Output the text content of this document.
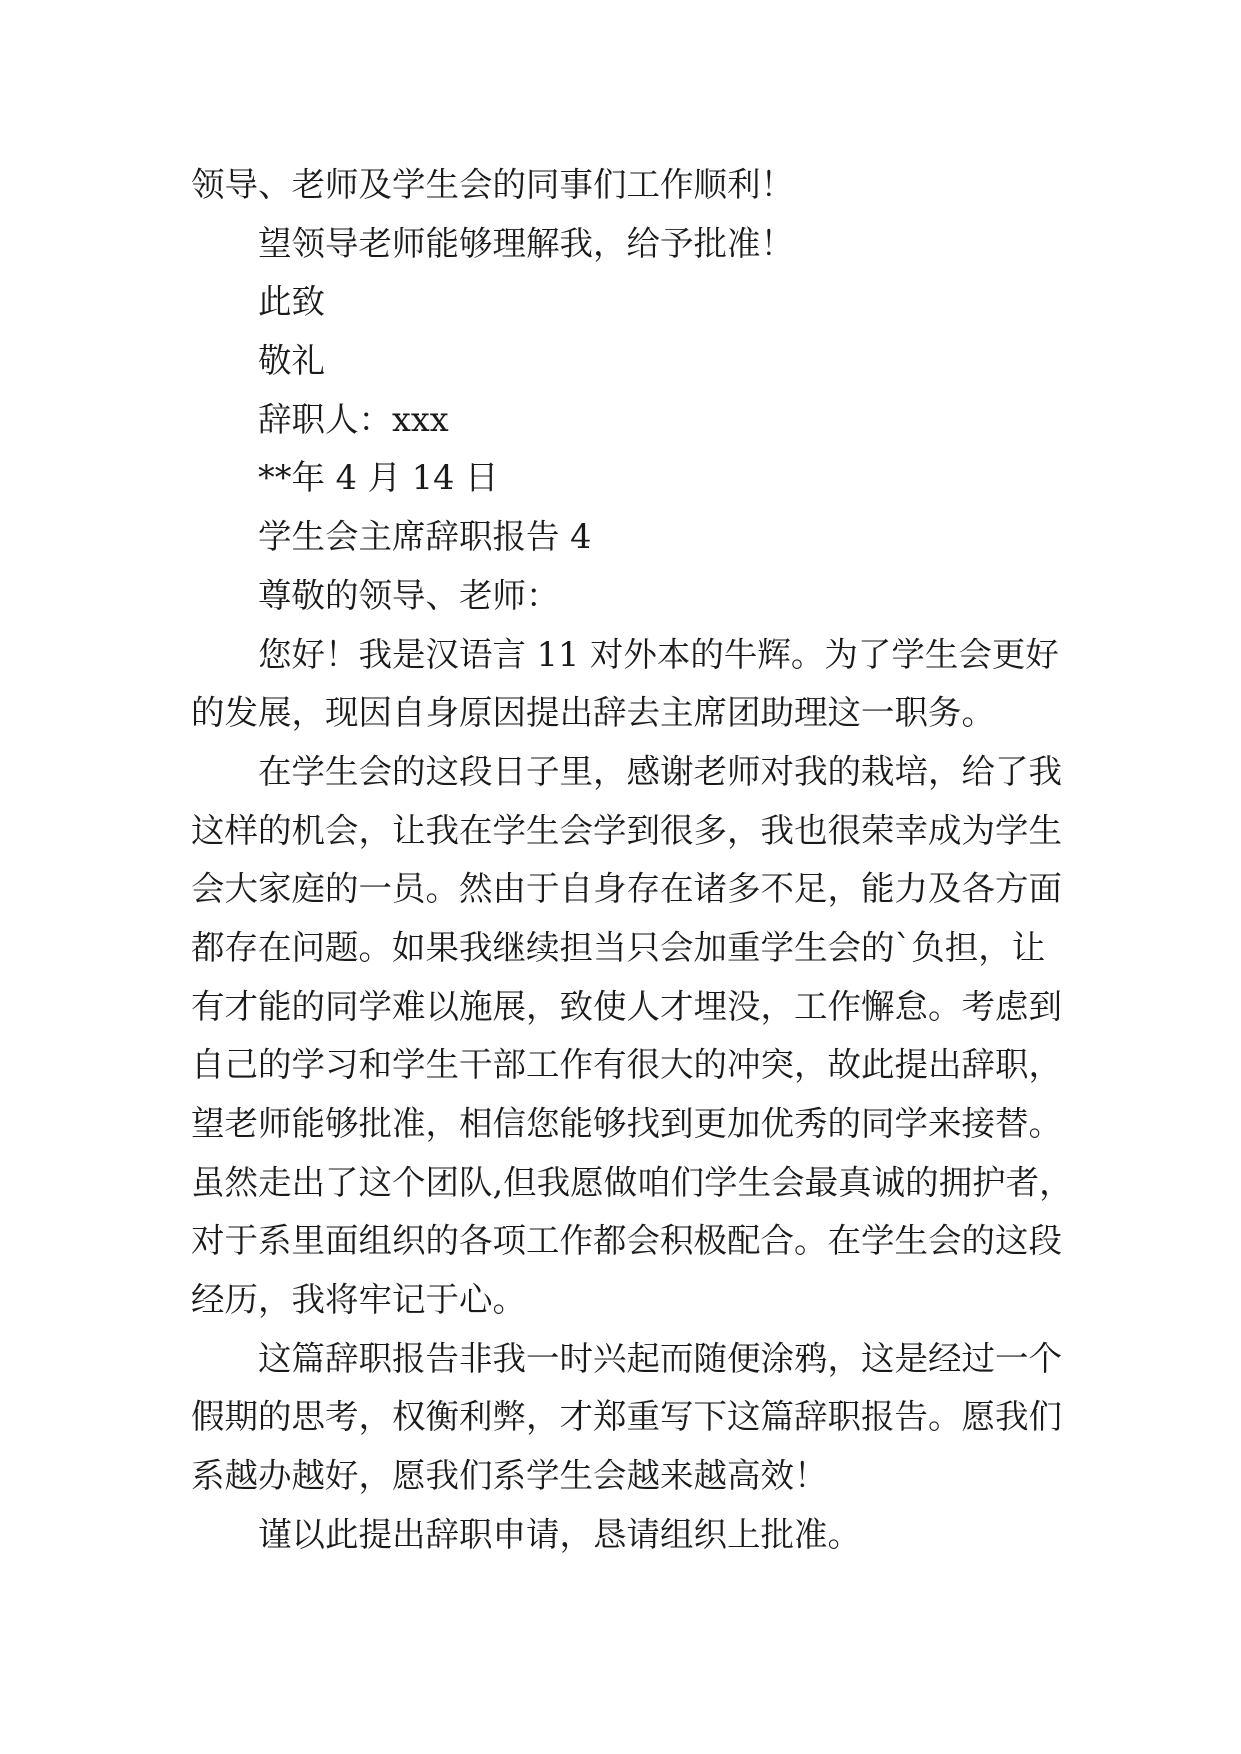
领导、老师及学生会的同事们工作顺利！
望领导老师能够理解我，给予批准！
此致
敬礼
辞职人：xxx
**年 4 月 14 日
学生会主席辞职报告 4
尊敬的领导、老师：
您好！我是汉语言 11 对外本的牛辉。为了学生会更好
的发展，现因自身原因提出辞去主席团助理这一职务。
在学生会的这段日子里，感谢老师对我的栽培，给了我
这样的机会，让我在学生会学到很多，我也很荣幸成为学生
会大家庭的一员。然由于自身存在诸多不足，能力及各方面
都存在问题。如果我继续担当只会加重学生会的`负担，让
有才能的同学难以施展，致使人才埋没，工作懈怠。考虑到
自己的学习和学生干部工作有很大的冲突，故此提出辞职，
望老师能够批准，相信您能够找到更加优秀的同学来接替。
虽然走出了这个团队,但我愿做咱们学生会最真诚的拥护者，
对于系里面组织的各项工作都会积极配合。在学生会的这段
经历，我将牢记于心。
这篇辞职报告非我一时兴起而随便涂鸦，这是经过一个
假期的思考，权衡利弊，才郑重写下这篇辞职报告。愿我们
系越办越好，愿我们系学生会越来越高效！
谨以此提出辞职申请，恳请组织上批准。
